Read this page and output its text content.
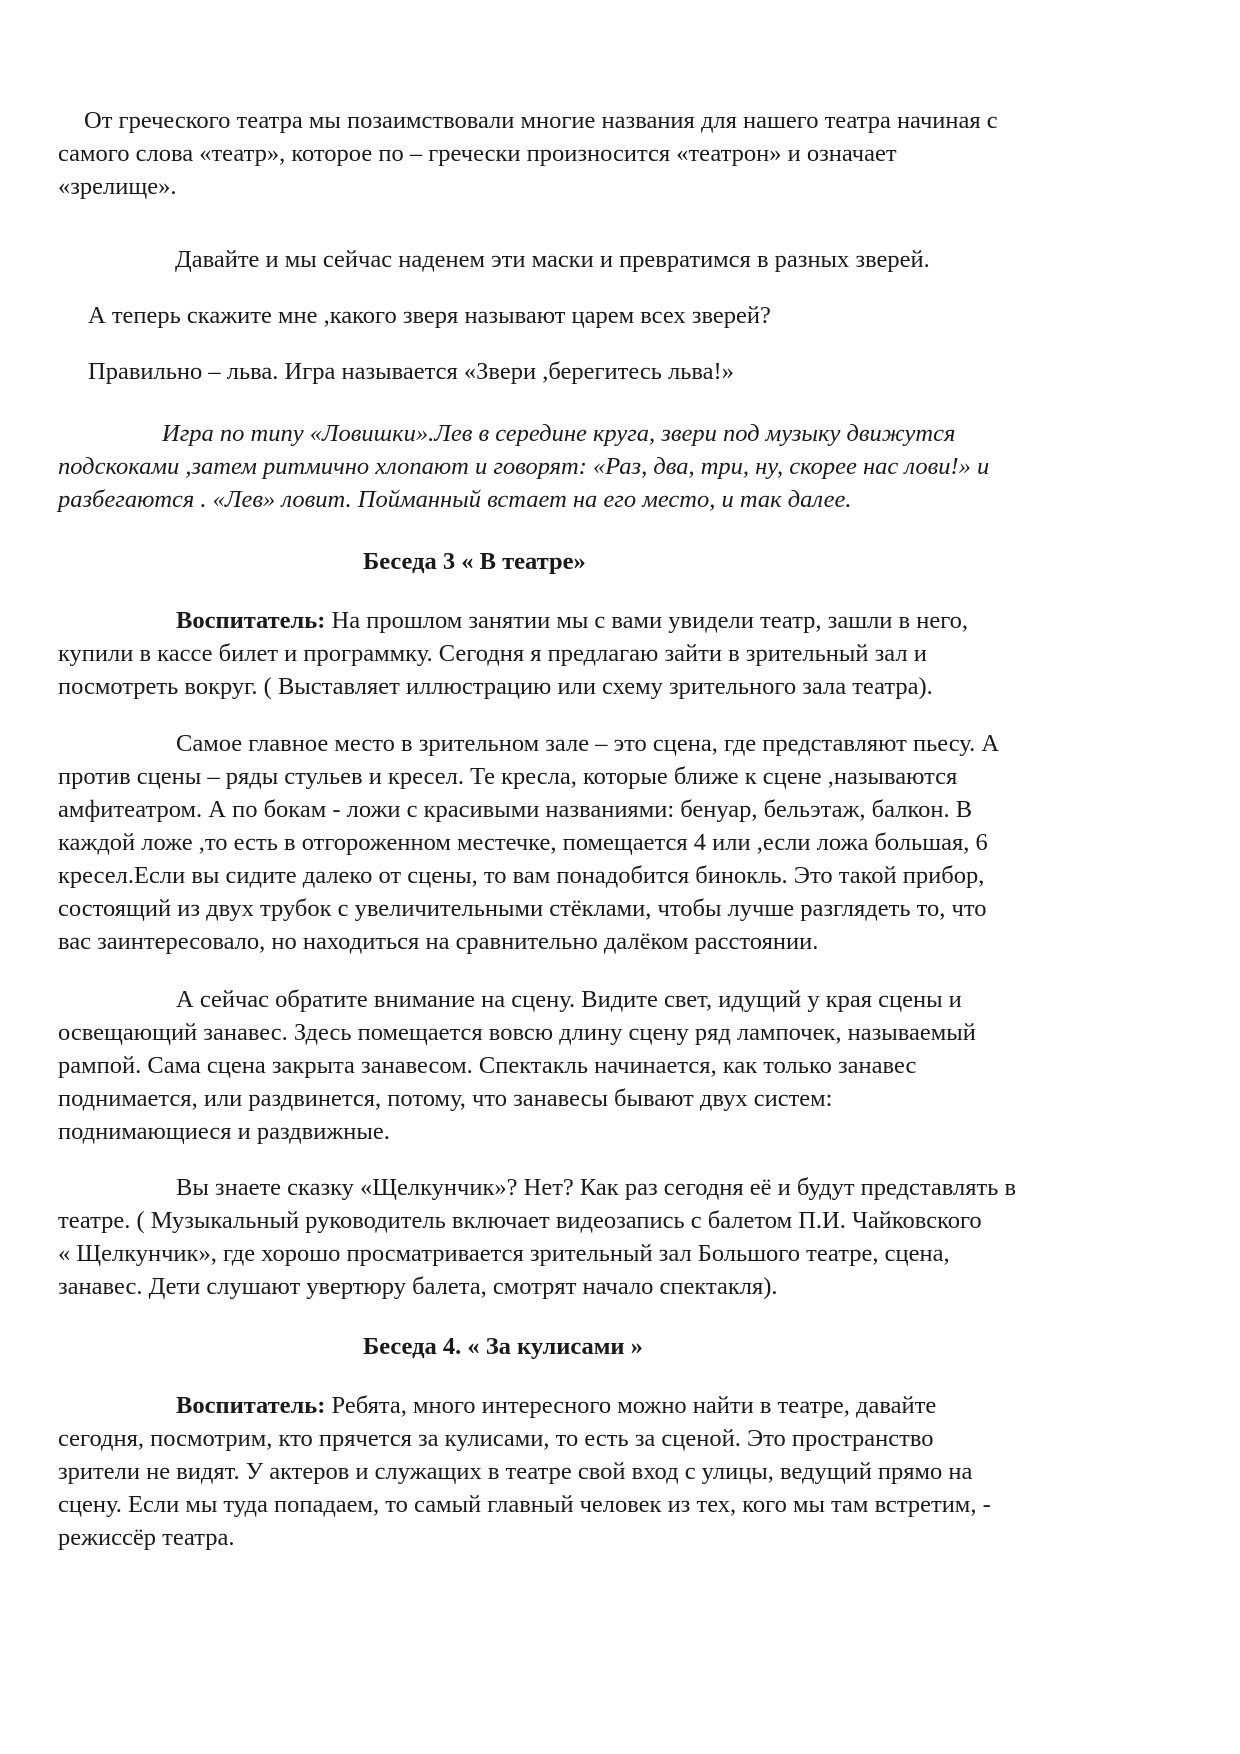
От греческого театра мы позаимствовали многие названия для нашего театра начиная с
самого слова «театр», которое по – гречески произносится «театрон» и означает
«зрелище».

Давайте и мы сейчас наденем эти маски и превратимся в разных зверей.

А теперь скажите мне ,какого зверя называют царем всех зверей?

Правильно – льва. Игра называется «Звери ,берегитесь льва!»

Игра по типу «Ловишки».Лев в середине круга, звери под музыку движутся
подскоками ,затем ритмично хлопают и говорят: «Раз, два, три, ну, скорее нас лови!» и
разбегаются . «Лев» ловит. Пойманный встает на его место, и так далее.

Беседа 3 « В театре»

Воспитатель: На прошлом занятии мы с вами увидели театр, зашли в него,
купили в кассе билет и программку. Сегодня я предлагаю зайти в зрительный зал и
посмотреть вокруг. ( Выставляет иллюстрацию или схему зрительного зала театра).

Самое главное место в зрительном зале – это сцена, где представляют пьесу. А
против сцены – ряды стульев и кресел. Те кресла, которые ближе к сцене ,называются
амфитеатром. А по бокам - ложи с красивыми названиями: бенуар, бельэтаж, балкон. В
каждой ложе ,то есть в отгороженном местечке, помещается 4 или ,если ложа большая, 6
кресел.Если вы сидите далеко от сцены, то вам понадобится бинокль. Это такой прибор,
состоящий из двух трубок с увеличительными стёклами, чтобы лучше разглядеть то, что
вас заинтересовало, но находиться на сравнительно далёком расстоянии.

А сейчас обратите внимание на сцену. Видите свет, идущий у края сцены и
освещающий занавес. Здесь помещается вовсю длину сцену ряд лампочек, называемый
рампой. Сама сцена закрыта занавесом. Спектакль начинается, как только занавес
поднимается, или раздвинется, потому, что занавесы бывают двух систем:
поднимающиеся и раздвижные.

Вы знаете сказку «Щелкунчик»? Нет? Как раз сегодня её и будут представлять в
театре. ( Музыкальный руководитель включает видеозапись с балетом П.И. Чайковского
« Щелкунчик», где хорошо просматривается зрительный зал Большого театре, сцена,
занавес. Дети слушают увертюру балета, смотрят начало спектакля).

Беседа 4. « За кулисами »

Воспитатель: Ребята, много интересного можно найти в театре, давайте
сегодня, посмотрим, кто прячется за кулисами, то есть за сценой. Это пространство
зрители не видят. У актеров и служащих в театре свой вход с улицы, ведущий прямо на
сцену. Если мы туда попадаем, то самый главный человек из тех, кого мы там встретим, -
режиссёр театра.
